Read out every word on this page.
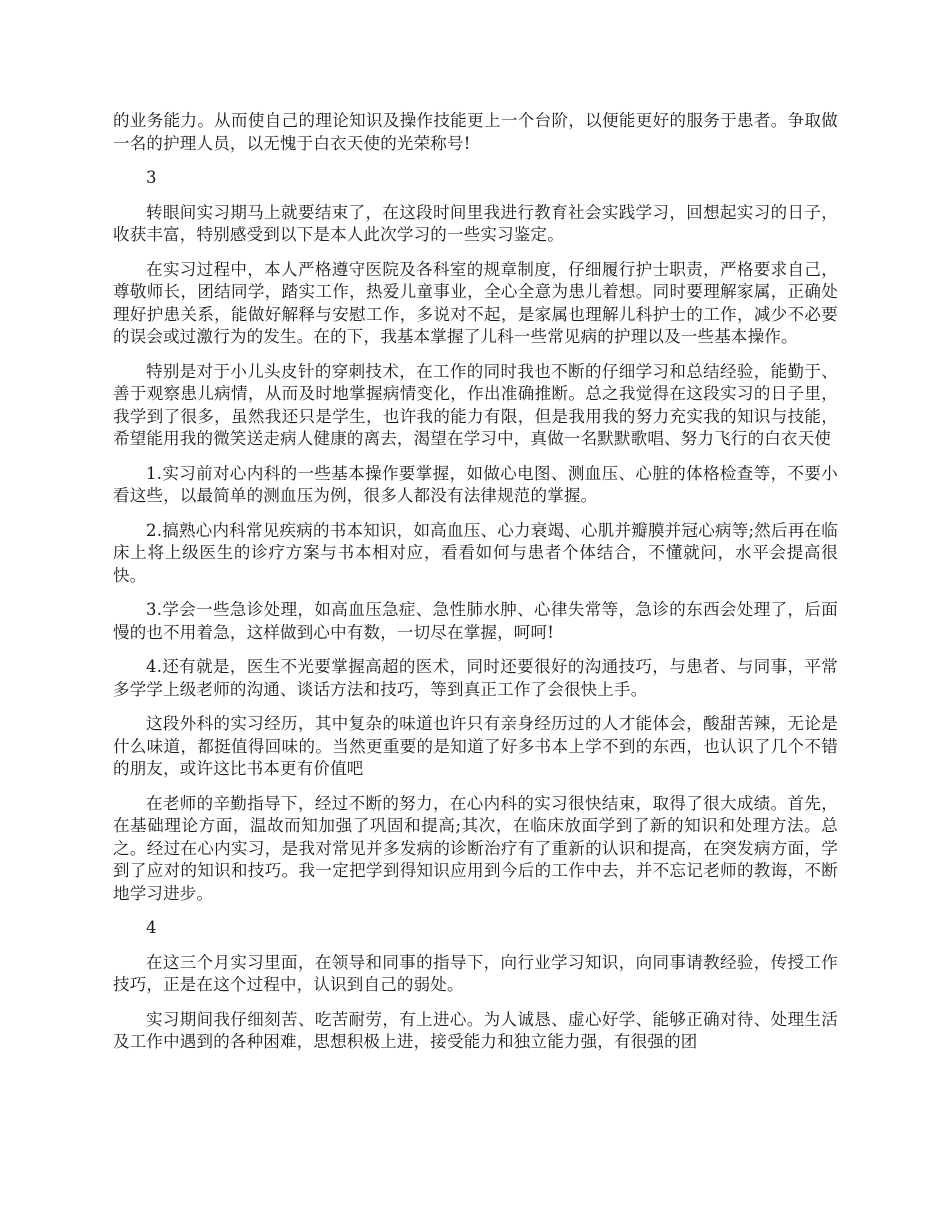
的业务能力。从而使自己的理论知识及操作技能更上一个台阶，以便能更好的服务于患者。争取做一名的护理人员，以无愧于白衣天使的光荣称号!

3

转眼间实习期马上就要结束了，在这段时间里我进行教育社会实践学习，回想起实习的日子，收获丰富，特别感受到以下是本人此次学习的一些实习鉴定。

在实习过程中，本人严格遵守医院及各科室的规章制度，仔细履行护士职责，严格要求自己，尊敬师长，团结同学，踏实工作，热爱儿童事业，全心全意为患儿着想。同时要理解家属，正确处理好护患关系，能做好解释与安慰工作，多说对不起，是家属也理解儿科护士的工作，减少不必要的误会或过激行为的发生。在的下，我基本掌握了儿科一些常见病的护理以及一些基本操作。

特别是对于小儿头皮针的穿刺技术，在工作的同时我也不断的仔细学习和总结经验，能勤于、善于观察患儿病情，从而及时地掌握病情变化，作出准确推断。总之我觉得在这段实习的日子里，我学到了很多，虽然我还只是学生，也许我的能力有限，但是我用我的努力充实我的知识与技能，希望能用我的微笑送走病人健康的离去，渴望在学习中，真做一名默默歌唱、努力飞行的白衣天使

1.实习前对心内科的一些基本操作要掌握，如做心电图、测血压、心脏的体格检查等，不要小看这些，以最简单的测血压为例，很多人都没有法律规范的掌握。

2.搞熟心内科常见疾病的书本知识，如高血压、心力衰竭、心肌并瓣膜并冠心病等;然后再在临床上将上级医生的诊疗方案与书本相对应，看看如何与患者个体结合，不懂就问，水平会提高很快。

3.学会一些急诊处理，如高血压急症、急性肺水肿、心律失常等，急诊的东西会处理了，后面慢的也不用着急，这样做到心中有数，一切尽在掌握，呵呵!

4.还有就是，医生不光要掌握高超的医术，同时还要很好的沟通技巧，与患者、与同事，平常多学学上级老师的沟通、谈话方法和技巧，等到真正工作了会很快上手。

这段外科的实习经历，其中复杂的味道也许只有亲身经历过的人才能体会，酸甜苦辣，无论是什么味道，都挺值得回味的。当然更重要的是知道了好多书本上学不到的东西，也认识了几个不错的朋友，或许这比书本更有价值吧

在老师的辛勤指导下，经过不断的努力，在心内科的实习很快结束，取得了很大成绩。首先，在基础理论方面，温故而知加强了巩固和提高;其次，在临床放面学到了新的知识和处理方法。总之。经过在心内实习，是我对常见并多发病的诊断治疗有了重新的认识和提高，在突发病方面，学到了应对的知识和技巧。我一定把学到得知识应用到今后的工作中去，并不忘记老师的教诲，不断地学习进步。

4

在这三个月实习里面，在领导和同事的指导下，向行业学习知识，向同事请教经验，传授工作技巧，正是在这个过程中，认识到自己的弱处。

实习期间我仔细刻苦、吃苦耐劳，有上进心。为人诚恳、虚心好学、能够正确对待、处理生活及工作中遇到的各种困难，思想积极上进，接受能力和独立能力强，有很强的团
